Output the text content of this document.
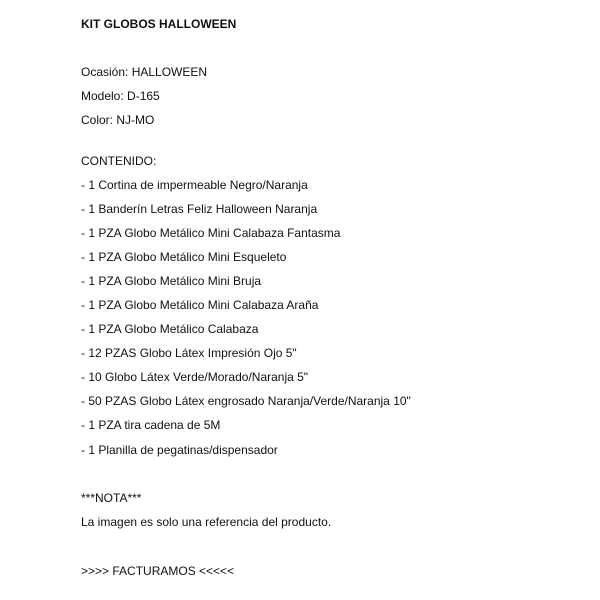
KIT GLOBOS HALLOWEEN
Ocasión: HALLOWEEN
Modelo: D-165
Color: NJ-MO
CONTENIDO:
- 1 Cortina de impermeable Negro/Naranja
- 1 Banderín Letras Feliz Halloween Naranja
- 1 PZA Globo Metálico Mini Calabaza Fantasma
- 1 PZA Globo Metálico Mini Esqueleto
- 1 PZA Globo Metálico Mini Bruja
- 1 PZA Globo Metálico Mini Calabaza Araña
- 1 PZA Globo Metálico Calabaza
- 12 PZAS Globo Látex Impresión Ojo 5"
- 10 Globo Látex Verde/Morado/Naranja 5"
- 50 PZAS Globo Látex engrosado Naranja/Verde/Naranja 10"
- 1 PZA tira cadena de 5M
- 1 Planilla de pegatinas/dispensador
***NOTA***
La imagen es solo una referencia del producto.
>>>> FACTURAMOS <<<<<
